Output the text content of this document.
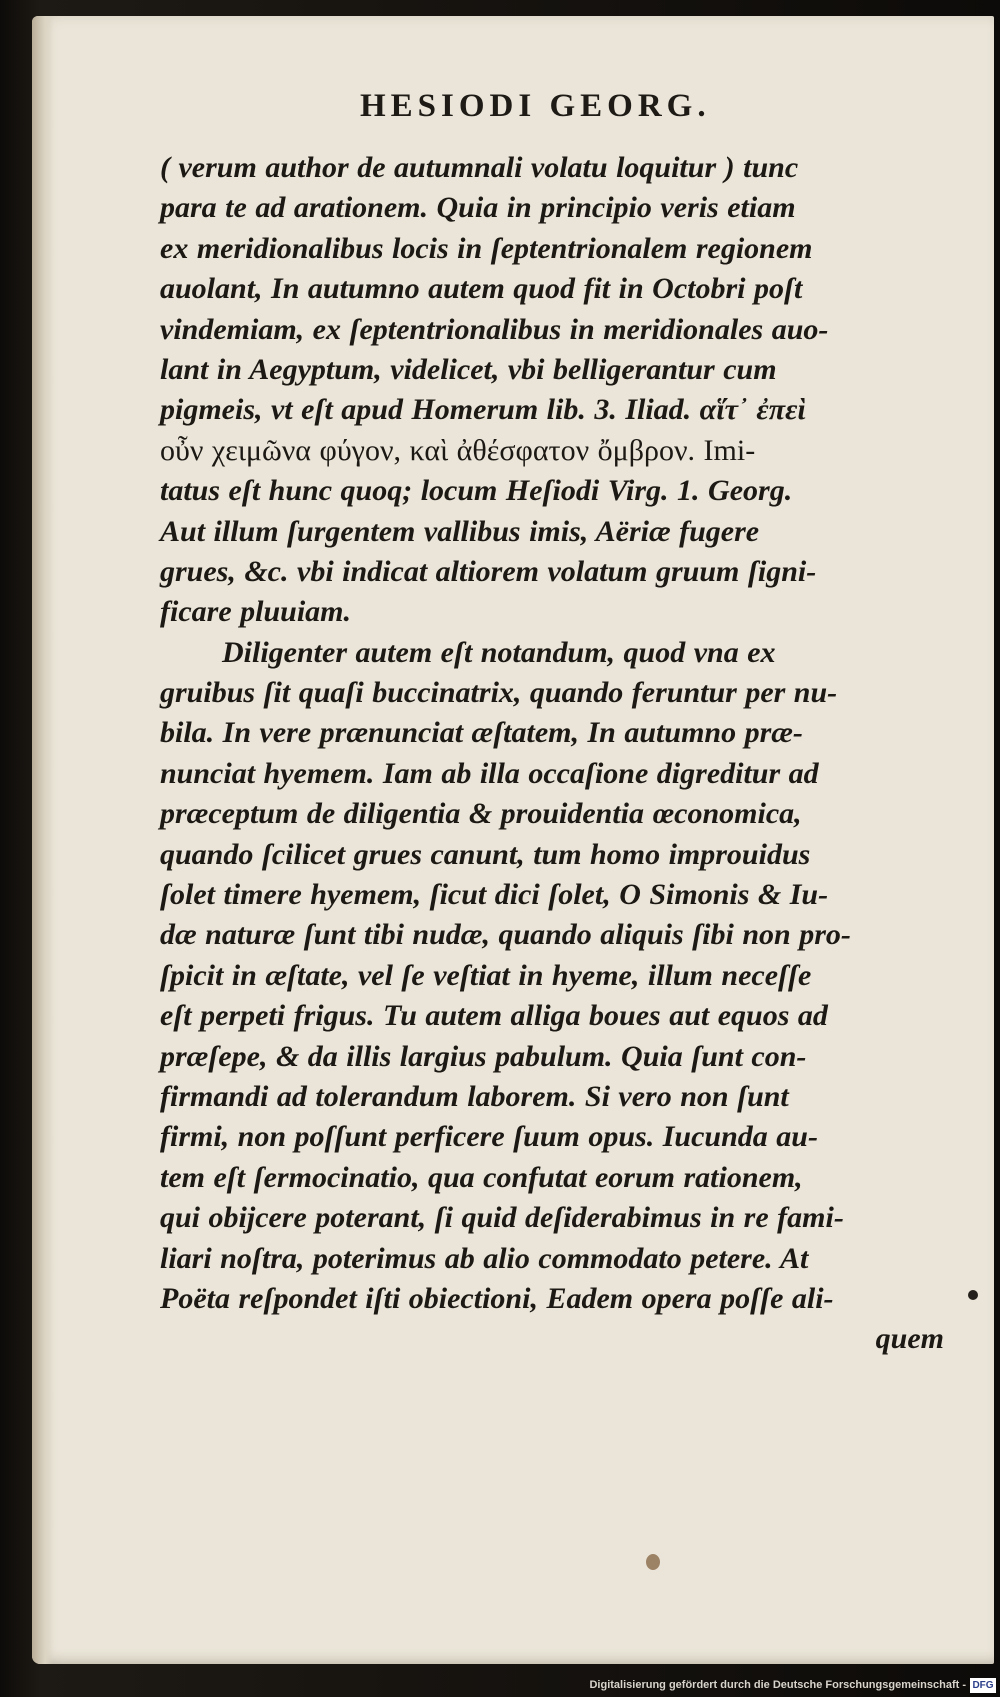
HESIODI GEORG.
( verum author de autumnali volatu loquitur ) tunc
para te ad arationem. Quia in principio veris etiam
ex meridionalibus locis in ſeptentrionalem regionem
auolant, In autumno autem quod fit in Octobri poſt
vindemiam, ex ſeptentrionalibus in meridionales auo-
lant in Aegyptum, videlicet, vbi belligerantur cum
pigmeis, vt eſt apud Homerum lib. 3. Iliad. αἵτ᾽ ἐπεὶ
οὖν χειμῶνα φύγον, καὶ ἀθέσφατον ὄμβρον. Imi-
tatus eſt hunc quoq; locum Heſiodi Virg. 1. Georg.
Aut illum ſurgentem vallibus imis, Aëriæ fugere
grues, &c. vbi indicat altiorem volatum gruum ſigni-
ficare pluuiam.
Diligenter autem eſt notandum, quod vna ex
gruibus ſit quaſi buccinatrix, quando feruntur per nu-
bila. In vere prænunciat æſtatem, In autumno præ-
nunciat hyemem. Iam ab illa occaſione digreditur ad
præceptum de diligentia & prouidentia œconomica,
quando ſcilicet grues canunt, tum homo improuidus
ſolet timere hyemem, ſicut dici ſolet, O Simonis & Iu-
dæ naturæ ſunt tibi nudæ, quando aliquis ſibi non pro-
ſpicit in æſtate, vel ſe veſtiat in hyeme, illum neceſſe
eſt perpeti frigus. Tu autem alliga boues aut equos ad
præſepe, & da illis largius pabulum. Quia ſunt con-
firmandi ad tolerandum laborem. Si vero non ſunt
firmi, non poſſunt perficere ſuum opus. Iucunda au-
tem eſt ſermocinatio, qua confutat eorum rationem,
qui obijcere poterant, ſi quid deſiderabimus in re fami-
liari noſtra, poterimus ab alio commodato petere. At
Poëta reſpondet iſti obiectioni, Eadem opera poſſe ali-
quem
Digitalisierung gefördert durch die Deutsche Forschungsgemeinschaft - DFG
